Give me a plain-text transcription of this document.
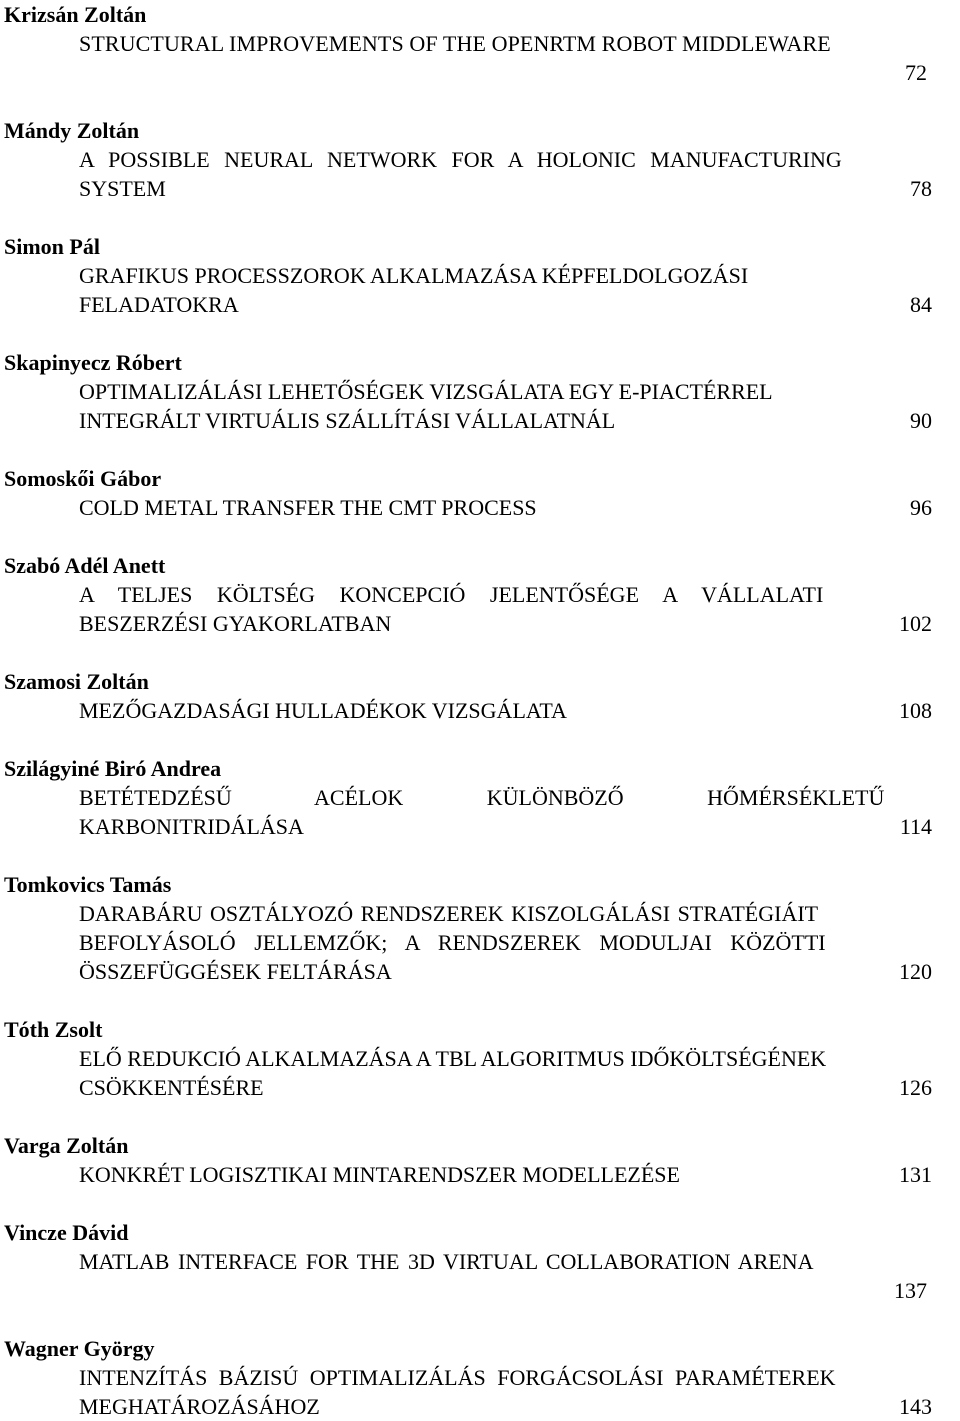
Krizsán Zoltán
STRUCTURAL IMPROVEMENTS OF THE OPENRTM ROBOT MIDDLEWARE
72
Mándy Zoltán
A POSSIBLE NEURAL NETWORK FOR A HOLONIC MANUFACTURING
SYSTEM	78
Simon Pál
GRAFIKUS PROCESSZOROK ALKALMAZÁSA KÉPFELDOLGOZÁSI
FELADATOKRA	84
Skapinyecz Róbert
OPTIMALIZÁLÁSI LEHETŐSÉGEK VIZSGÁLATA EGY E-PIACTÉRREL
INTEGRÁLT VIRTUÁLIS SZÁLLÍTÁSI VÁLLALATNÁL	90
Somoskői Gábor
COLD METAL TRANSFER THE CMT PROCESS	96
Szabó Adél Anett
A TELJES KÖLTSÉG KONCEPCIÓ JELENTŐSÉGE A VÁLLALATI
BESZERZÉSI GYAKORLATBAN	102
Szamosi Zoltán
MEZŐGAZDASÁGI HULLADÉKOK VIZSGÁLATA	108
Szilágyiné Biró Andrea
BETÉTEDZÉSŰ ACÉLOK KÜLÖNBÖZŐ HŐMÉRSÉKLETŰ
KARBONITRIDÁLÁSA	114
Tomkovics Tamás
DARABÁRU OSZTÁLYOZÓ RENDSZEREK KISZOLGÁLÁSI STRATÉGIÁIT
BEFOLYÁSOLÓ JELLEMZŐK; A RENDSZEREK MODULJAI KÖZÖTTI
ÖSSZEFÜGGÉSEK FELTÁRÁSA	120
Tóth Zsolt
ELŐ REDUKCIÓ ALKALMAZÁSA A TBL ALGORITMUS IDŐKÖLTSÉGÉNEK
CSÖKKENTÉSÉRE	126
Varga Zoltán
KONKRÉT LOGISZTIKAI MINTARENDSZER MODELLEZÉSE	131
Vincze Dávid
MATLAB INTERFACE FOR THE 3D VIRTUAL COLLABORATION ARENA
137
Wagner György
INTENZÍTÁS BÁZISÚ OPTIMALIZÁLÁS FORGÁCSOLÁSI PARAMÉTEREK
MEGHATÁROZÁSÁHOZ	143
